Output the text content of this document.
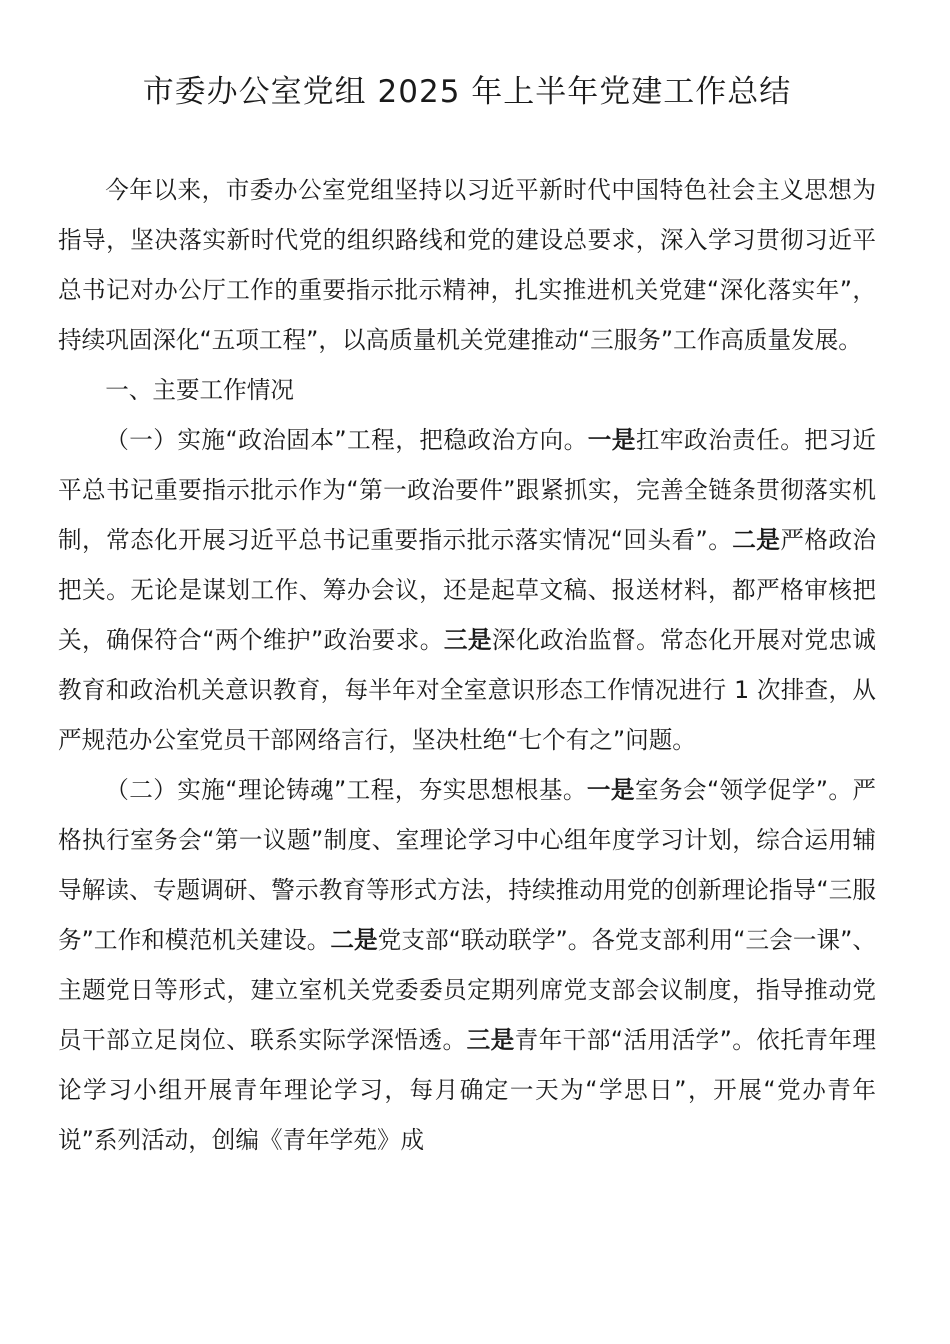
市委办公室党组 2025 年上半年党建工作总结

今年以来，市委办公室党组坚持以习近平新时代中国特色社会主义思想为指导，坚决落实新时代党的组织路线和党的建设总要求，深入学习贯彻习近平总书记对办公厅工作的重要指示批示精神，扎实推进机关党建“深化落实年”，持续巩固深化“五项工程”，以高质量机关党建推动“三服务”工作高质量发展。

一、主要工作情况

（一）实施“政治固本”工程，把稳政治方向。一是扛牢政治责任。把习近平总书记重要指示批示作为“第一政治要件”跟紧抓实，完善全链条贯彻落实机制，常态化开展习近平总书记重要指示批示落实情况“回头看”。二是严格政治把关。无论是谋划工作、筹办会议，还是起草文稿、报送材料，都严格审核把关，确保符合“两个维护”政治要求。三是深化政治监督。常态化开展对党忠诚教育和政治机关意识教育，每半年对全室意识形态工作情况进行 1 次排查，从严规范办公室党员干部网络言行，坚决杜绝“七个有之”问题。

（二）实施“理论铸魂”工程，夯实思想根基。一是室务会“领学促学”。严格执行室务会“第一议题”制度、室理论学习中心组年度学习计划，综合运用辅导解读、专题调研、警示教育等形式方法，持续推动用党的创新理论指导“三服务”工作和模范机关建设。二是党支部“联动联学”。各党支部利用“三会一课”、主题党日等形式，建立室机关党委委员定期列席党支部会议制度，指导推动党员干部立足岗位、联系实际学深悟透。三是青年干部“活用活学”。依托青年理论学习小组开展青年理论学习，每月确定一天为“学思日”，开展“党办青年说”系列活动，创编《青年学苑》成
